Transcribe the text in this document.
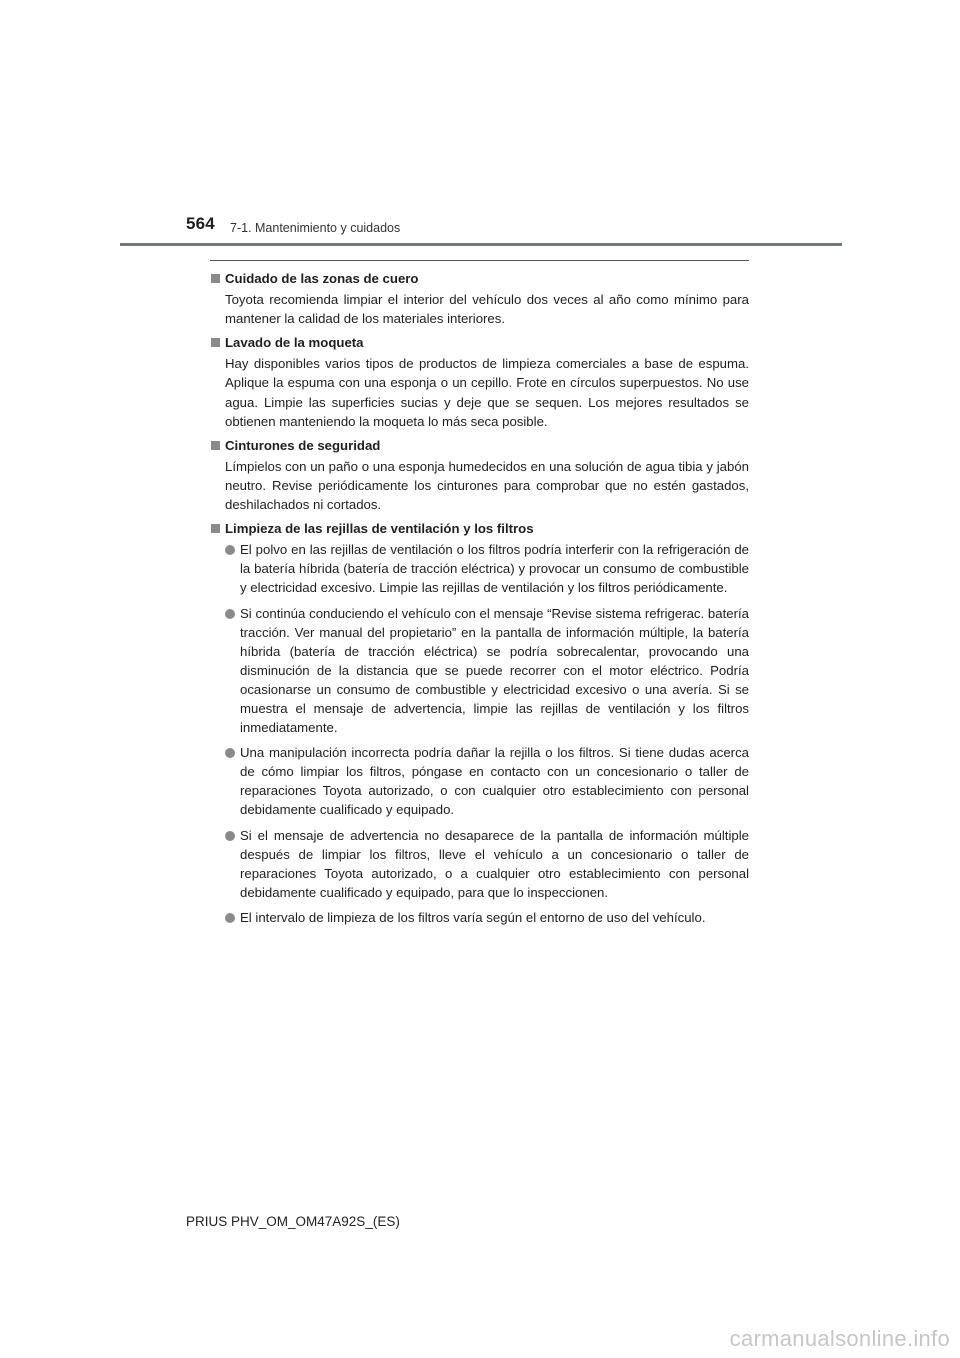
564 7-1. Mantenimiento y cuidados
Cuidado de las zonas de cuero
Toyota recomienda limpiar el interior del vehículo dos veces al año como mínimo para mantener la calidad de los materiales interiores.
Lavado de la moqueta
Hay disponibles varios tipos de productos de limpieza comerciales a base de espuma. Aplique la espuma con una esponja o un cepillo. Frote en círculos superpuestos. No use agua. Limpie las superficies sucias y deje que se sequen. Los mejores resultados se obtienen manteniendo la moqueta lo más seca posible.
Cinturones de seguridad
Límpielos con un paño o una esponja humedecidos en una solución de agua tibia y jabón neutro. Revise periódicamente los cinturones para comprobar que no estén gastados, deshilachados ni cortados.
Limpieza de las rejillas de ventilación y los filtros
El polvo en las rejillas de ventilación o los filtros podría interferir con la refrigeración de la batería híbrida (batería de tracción eléctrica) y provocar un consumo de combustible y electricidad excesivo. Limpie las rejillas de ventilación y los filtros periódicamente.
Si continúa conduciendo el vehículo con el mensaje “Revise sistema refrigerac. batería tracción. Ver manual del propietario” en la pantalla de información múltiple, la batería híbrida (batería de tracción eléctrica) se podría sobrecalentar, provocando una disminución de la distancia que se puede recorrer con el motor eléctrico. Podría ocasionarse un consumo de combustible y electricidad excesivo o una avería. Si se muestra el mensaje de advertencia, limpie las rejillas de ventilación y los filtros inmediatamente.
Una manipulación incorrecta podría dañar la rejilla o los filtros. Si tiene dudas acerca de cómo limpiar los filtros, póngase en contacto con un concesionario o taller de reparaciones Toyota autorizado, o con cualquier otro establecimiento con personal debidamente cualificado y equipado.
Si el mensaje de advertencia no desaparece de la pantalla de información múltiple después de limpiar los filtros, lleve el vehículo a un concesionario o taller de reparaciones Toyota autorizado, o a cualquier otro establecimiento con personal debidamente cualificado y equipado, para que lo inspeccionen.
El intervalo de limpieza de los filtros varía según el entorno de uso del vehículo.
PRIUS PHV_OM_OM47A92S_(ES)
carmanualsonline.info
